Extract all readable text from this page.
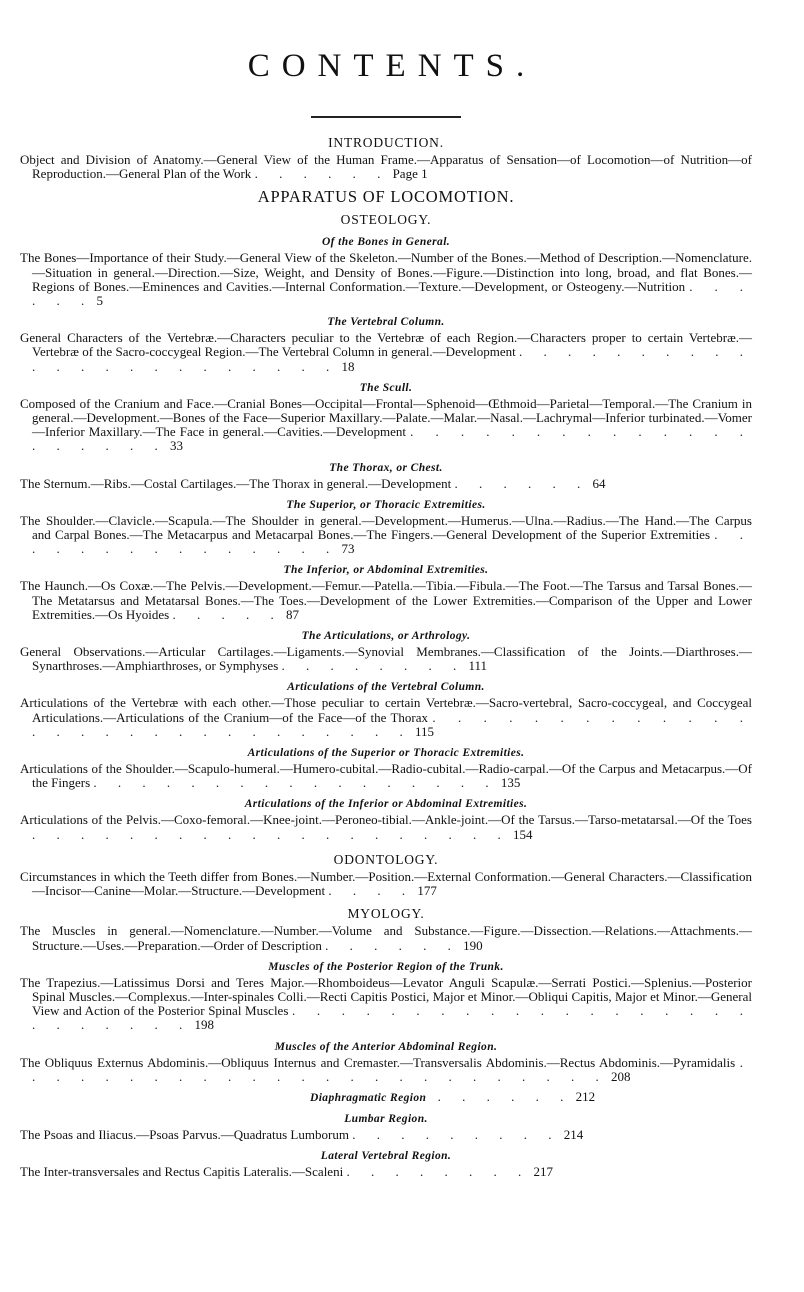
CONTENTS.
INTRODUCTION.
Object and Division of Anatomy.—General View of the Human Frame.—Apparatus of Sensation—of Locomotion—of Nutrition—of Reproduction.—General Plan of the Work . . . . . . Page 1
APPARATUS OF LOCOMOTION.
OSTEOLOGY.
Of the Bones in General.
The Bones—Importance of their Study.—General View of the Skeleton.—Number of the Bones.—Method of Description.—Nomenclature.—Situation in general.—Direction.—Size, Weight, and Density of Bones.—Figure.—Distinction into long, broad, and flat Bones.—Regions of Bones.—Eminences and Cavities.—Internal Conformation.—Texture.—Development, or Osteogeny.—Nutrition . . . . . . 5
The Vertebral Column.
General Characters of the Vertebræ.—Characters peculiar to the Vertebræ of each Region.—Characters proper to certain Vertebræ.—Vertebræ of the Sacro-coccygeal Region.—The Vertebral Column in general.—Development . . . . . . . . . . . . . . . . . . . . . . . 18
The Scull.
Composed of the Cranium and Face.—Cranial Bones—Occipital—Frontal—Sphenoid—Œthmoid—Parietal—Temporal.—The Cranium in general.—Development.—Bones of the Face—Superior Maxillary.—Palate.—Malar.—Nasal.—Lachrymal—Inferior turbinated.—Vomer—Inferior Maxillary.—The Face in general.—Cavities.—Development . . . . . . . . . . . . . . . . . . . . 33
The Thorax, or Chest.
The Sternum.—Ribs.—Costal Cartilages.—The Thorax in general.—Development . . . . . . 64
The Superior, or Thoracic Extremities.
The Shoulder.—Clavicle.—Scapula.—The Shoulder in general.—Development.—Humerus.—Ulna.—Radius.—The Hand.—The Carpus and Carpal Bones.—The Metacarpus and Metacarpal Bones.—The Fingers.—General Development of the Superior Extremities . . . . . . . . . . . . . . . 73
The Inferior, or Abdominal Extremities.
The Haunch.—Os Coxæ.—The Pelvis.—Development.—Femur.—Patella.—Tibia.—Fibula.—The Foot.—The Tarsus and Tarsal Bones.—The Metatarsus and Metatarsal Bones.—The Toes.—Development of the Lower Extremities.—Comparison of the Upper and Lower Extremities.—Os Hyoides . . . . . 87
The Articulations, or Arthrology.
General Observations.—Articular Cartilages.—Ligaments.—Synovial Membranes.—Classification of the Joints.—Diarthroses.—Synarthroses.—Amphiarthroses, or Symphyses . . . . . . . . 111
Articulations of the Vertebral Column.
Articulations of the Vertebræ with each other.—Those peculiar to certain Vertebræ.—Sacro-vertebral, Sacro-coccygeal, and Coccygeal Articulations.—Articulations of the Cranium—of the Face—of the Thorax . . . . . . . . . . . . . . . . . . . . . . . . . . . . . 115
Articulations of the Superior or Thoracic Extremities.
Articulations of the Shoulder.—Scapulo-humeral.—Humero-cubital.—Radio-cubital.—Radio-carpal.—Of the Carpus and Metacarpus.—Of the Fingers . . . . . . . . . . . . . . . . . 135
Articulations of the Inferior or Abdominal Extremities.
Articulations of the Pelvis.—Coxo-femoral.—Knee-joint.—Peroneo-tibial.—Ankle-joint.—Of the Tarsus.—Tarso-metatarsal.—Of the Toes . . . . . . . . . . . . . . . . . . . . 154
ODONTOLOGY.
Circumstances in which the Teeth differ from Bones.—Number.—Position.—External Conformation.—General Characters.—Classification—Incisor—Canine—Molar.—Structure.—Development . . . . 177
MYOLOGY.
The Muscles in general.—Nomenclature.—Number.—Volume and Substance.—Figure.—Dissection.—Relations.—Attachments.—Structure.—Uses.—Preparation.—Order of Description . . . . . . 190
Muscles of the Posterior Region of the Trunk.
The Trapezius.—Latissimus Dorsi and Teres Major.—Rhomboideus—Levator Anguli Scapulæ.—Serrati Postici.—Splenius.—Posterior Spinal Muscles.—Complexus.—Inter-spinales Colli.—Recti Capitis Postici, Major et Minor.—Obliqui Capitis, Major et Minor.—General View and Action of the Posterior Spinal Muscles . . . . . . . . . . . . . . . . . . . . . . . . . . 198
Muscles of the Anterior Abdominal Region.
The Obliquus Externus Abdominis.—Obliquus Internus and Cremaster.—Transversalis Abdominis.—Rectus Abdominis.—Pyramidalis . . . . . . . . . . . . . . . . . . . . . . . . . 208
Diaphragmatic Region . . . . . . 212
Lumbar Region.
The Psoas and Iliacus.—Psoas Parvus.—Quadratus Lumborum . . . . . . . . . 214
Lateral Vertebral Region.
The Inter-transversales and Rectus Capitis Lateralis.—Scaleni . . . . . . . . 217
